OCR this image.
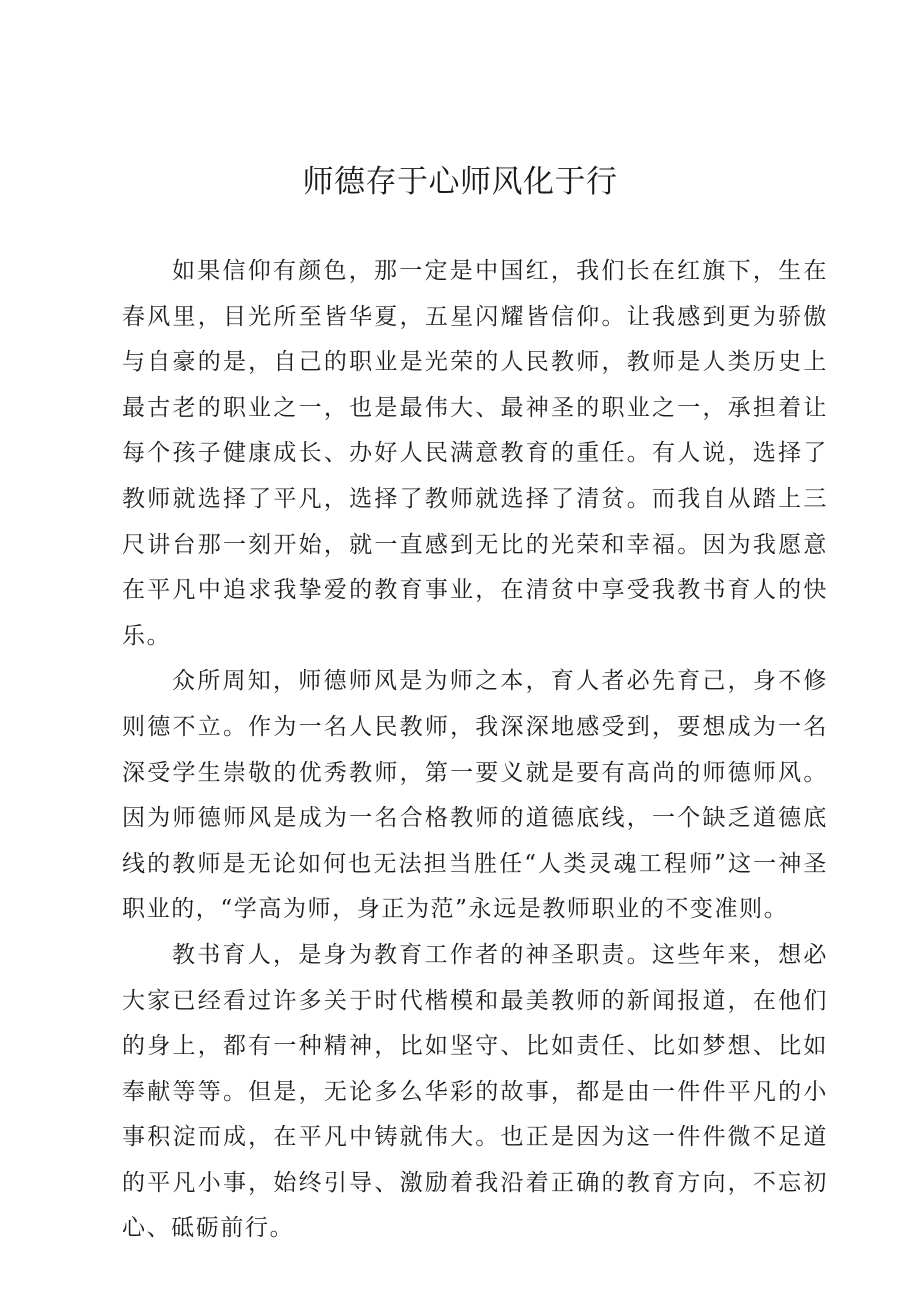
师德存于心师风化于行

如果信仰有颜色，那一定是中国红，我们长在红旗下，生在春风里，目光所至皆华夏，五星闪耀皆信仰。让我感到更为骄傲与自豪的是，自己的职业是光荣的人民教师，教师是人类历史上最古老的职业之一，也是最伟大、最神圣的职业之一，承担着让每个孩子健康成长、办好人民满意教育的重任。有人说，选择了教师就选择了平凡，选择了教师就选择了清贫。而我自从踏上三尺讲台那一刻开始，就一直感到无比的光荣和幸福。因为我愿意在平凡中追求我挚爱的教育事业，在清贫中享受我教书育人的快乐。

众所周知，师德师风是为师之本，育人者必先育己，身不修则德不立。作为一名人民教师，我深深地感受到，要想成为一名深受学生崇敬的优秀教师，第一要义就是要有高尚的师德师风。因为师德师风是成为一名合格教师的道德底线，一个缺乏道德底线的教师是无论如何也无法担当胜任“人类灵魂工程师”这一神圣职业的，“学高为师，身正为范”永远是教师职业的不变准则。

教书育人，是身为教育工作者的神圣职责。这些年来，想必大家已经看过许多关于时代楷模和最美教师的新闻报道，在他们的身上，都有一种精神，比如坚守、比如责任、比如梦想、比如奉献等等。但是，无论多么华彩的故事，都是由一件件平凡的小事积淀而成，在平凡中铸就伟大。也正是因为这一件件微不足道的平凡小事，始终引导、激励着我沿着正确的教育方向，不忘初心、砥砺前行。
